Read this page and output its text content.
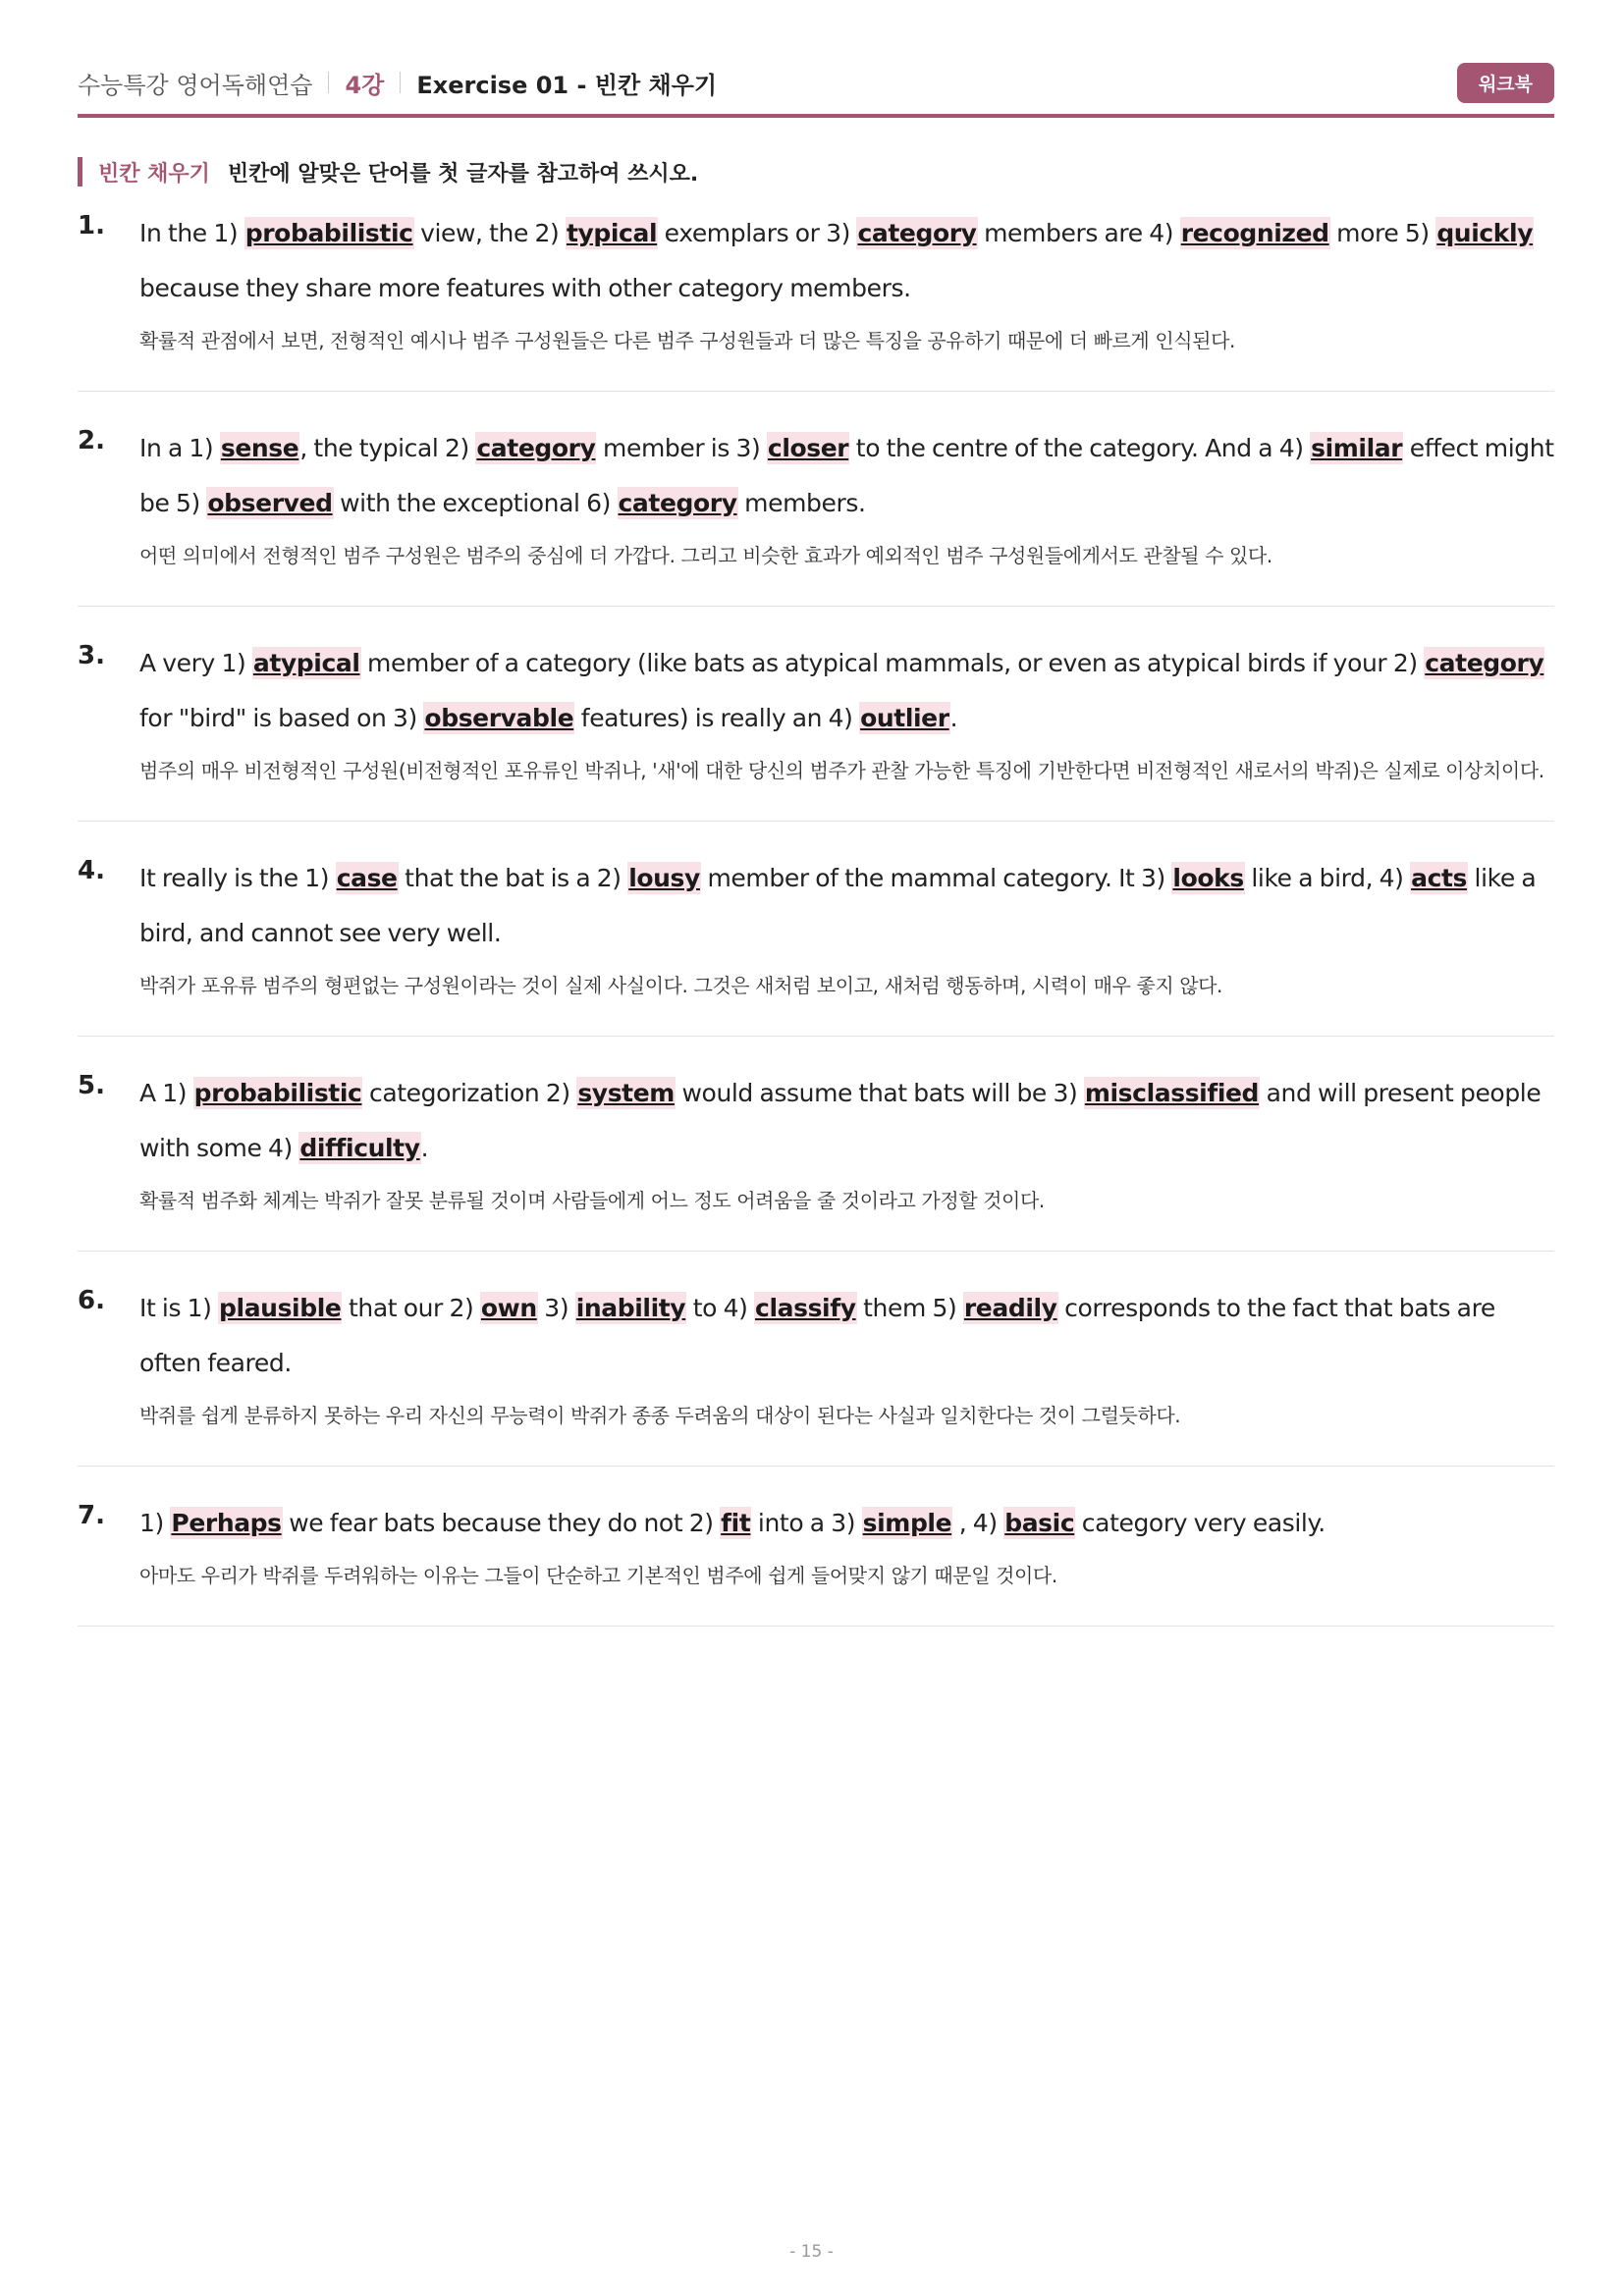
수능특강 영어독해연습 4강 Exercise 01 - 빈칸 채우기	워크북
빈칸 채우기 빈칸에 알맞은 단어를 첫 글자를 참고하여 쓰시오.
1. In the 1) probabilistic view, the 2) typical exemplars or 3) category members are 4) recognized more 5) quickly because they share more features with other category members.
확률적 관점에서 보면, 전형적인 예시나 범주 구성원들은 다른 범주 구성원들과 더 많은 특징을 공유하기 때문에 더 빠르게 인식된다.
2. In a 1) sense, the typical 2) category member is 3) closer to the centre of the category. And a 4) similar effect might be 5) observed with the exceptional 6) category members.
어떤 의미에서 전형적인 범주 구성원은 범주의 중심에 더 가깝다. 그리고 비슷한 효과가 예외적인 범주 구성원들에게서도 관찰될 수 있다.
3. A very 1) atypical member of a category (like bats as atypical mammals, or even as atypical birds if your 2) category for "bird" is based on 3) observable features) is really an 4) outlier.
범주의 매우 비전형적인 구성원(비전형적인 포유류인 박쥐나, '새'에 대한 당신의 범주가 관찰 가능한 특징에 기반한다면 비전형적인 새로서의 박쥐)은 실제로 이상치이다.
4. It really is the 1) case that the bat is a 2) lousy member of the mammal category. It 3) looks like a bird, 4) acts like a bird, and cannot see very well.
박쥐가 포유류 범주의 형편없는 구성원이라는 것이 실제 사실이다. 그것은 새처럼 보이고, 새처럼 행동하며, 시력이 매우 좋지 않다.
5. A 1) probabilistic categorization 2) system would assume that bats will be 3) misclassified and will present people with some 4) difficulty.
확률적 범주화 체계는 박쥐가 잘못 분류될 것이며 사람들에게 어느 정도 어려움을 줄 것이라고 가정할 것이다.
6. It is 1) plausible that our 2) own 3) inability to 4) classify them 5) readily corresponds to the fact that bats are often feared.
박쥐를 쉽게 분류하지 못하는 우리 자신의 무능력이 박쥐가 종종 두려움의 대상이 된다는 사실과 일치한다는 것이 그럴듯하다.
7. 1) Perhaps we fear bats because they do not 2) fit into a 3) simple , 4) basic category very easily.
아마도 우리가 박쥐를 두려워하는 이유는 그들이 단순하고 기본적인 범주에 쉽게 들어맞지 않기 때문일 것이다.
- 15 -
